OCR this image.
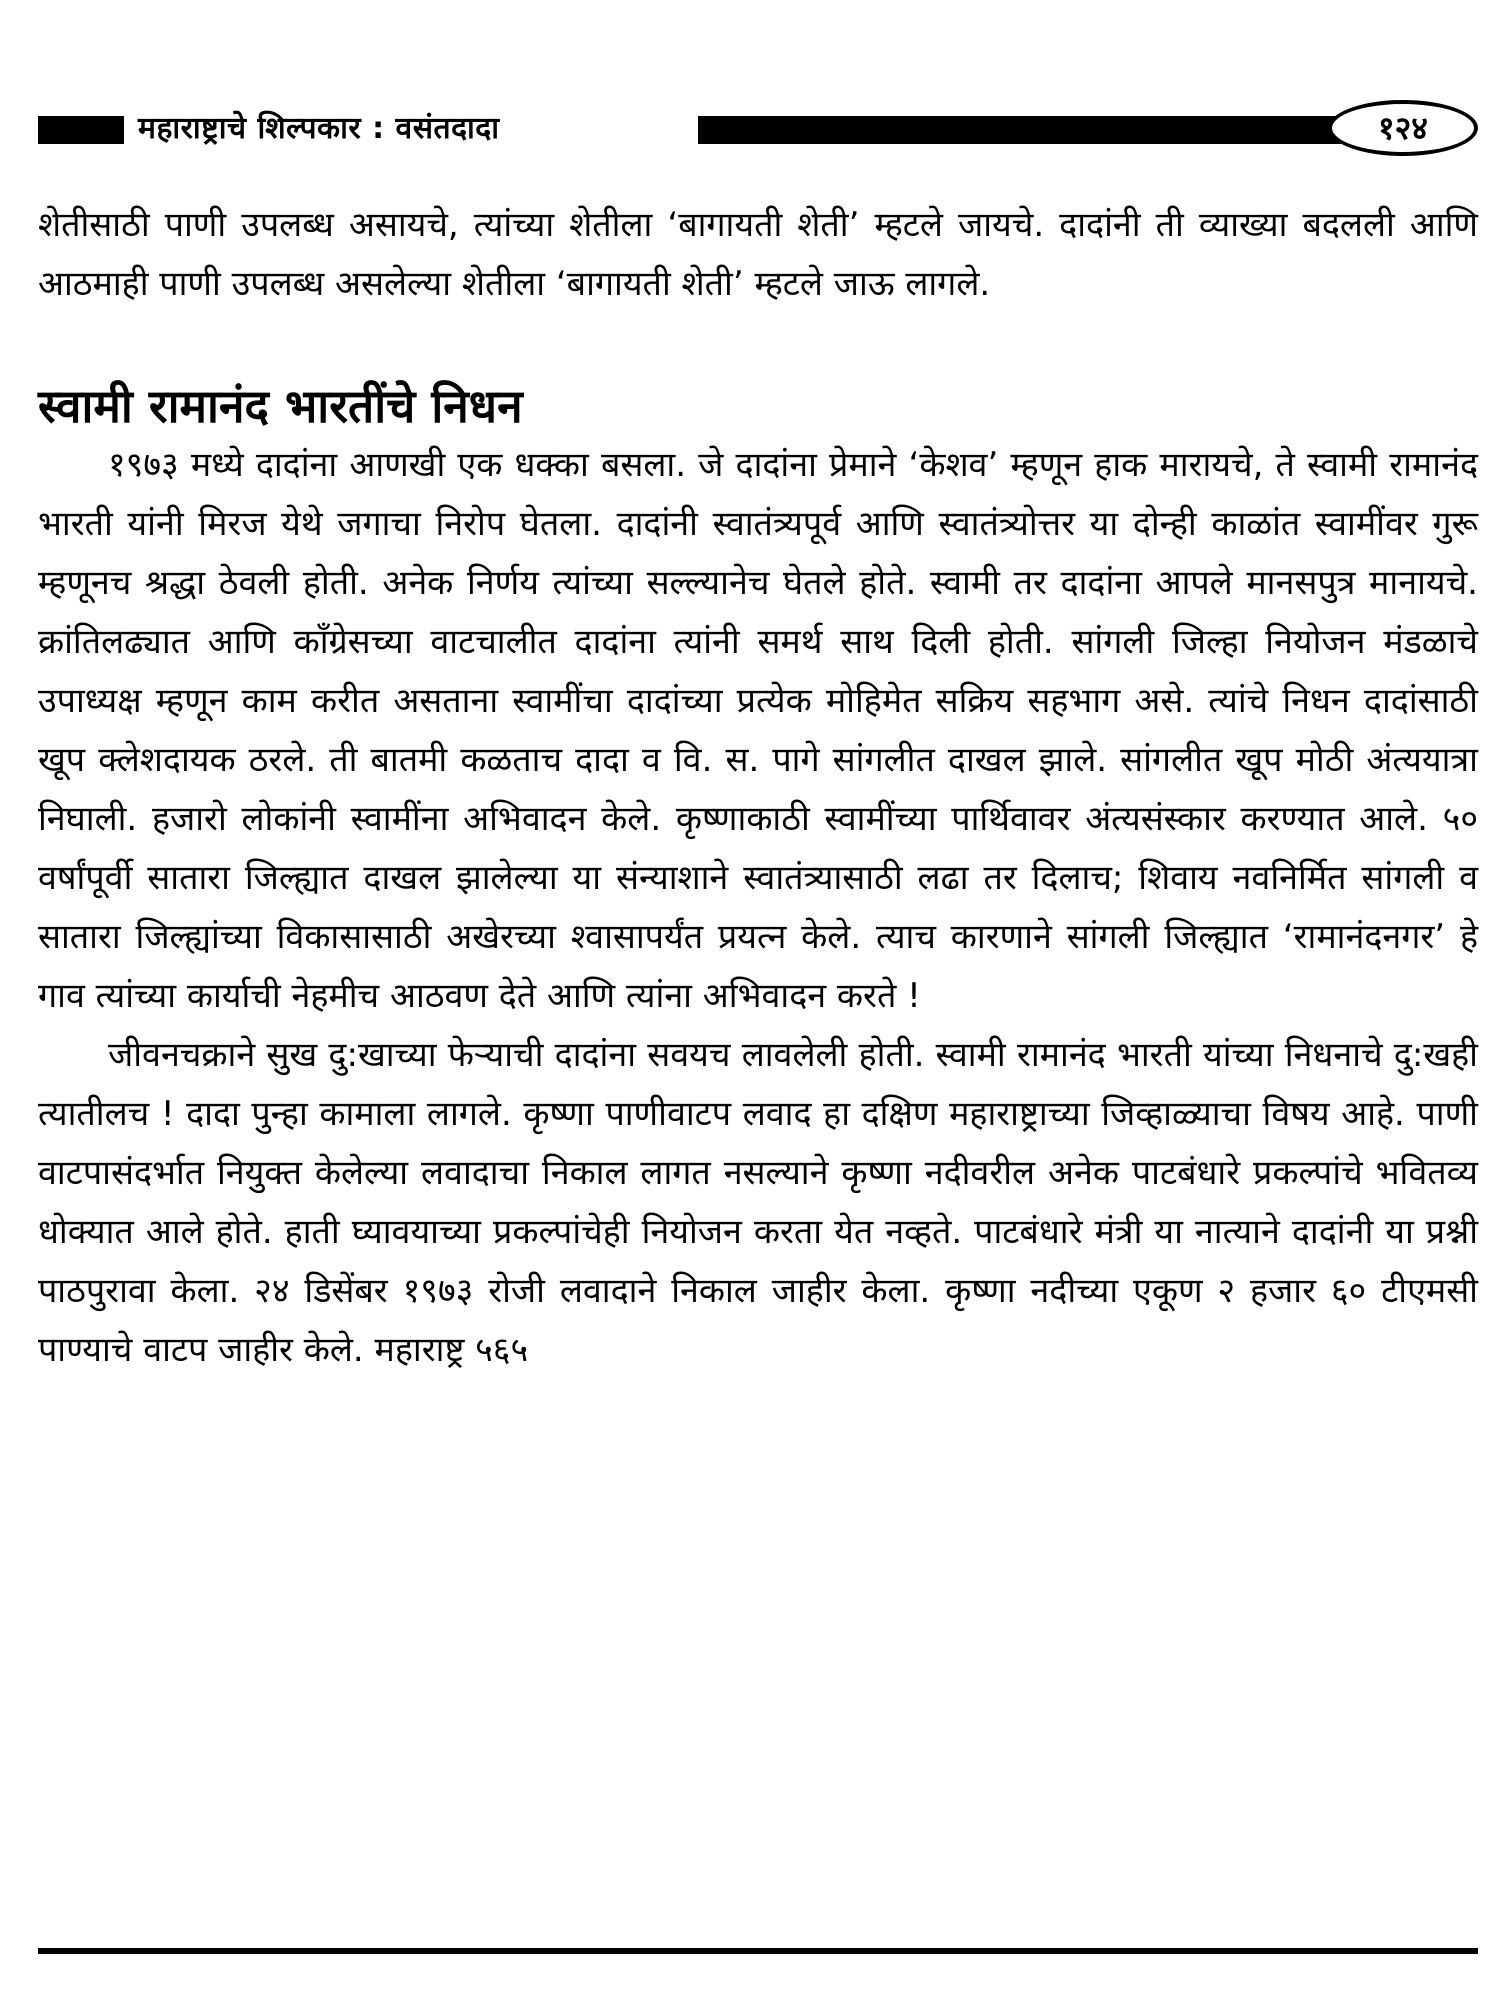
महाराष्ट्राचे शिल्पकार : वसंतदादा	१२४

शेतीसाठी पाणी उपलब्ध असायचे, त्यांच्या शेतीला ‘बागायती शेती’ म्हटले जायचे. दादांनी ती व्याख्या बदलली आणि आठमाही पाणी उपलब्ध असलेल्या शेतीला ‘बागायती शेती’ म्हटले जाऊ लागले.

स्वामी रामानंद भारतींचे निधन

१९७३ मध्ये दादांना आणखी एक धक्का बसला. जे दादांना प्रेमाने ‘केशव’ म्हणून हाक मारायचे, ते स्वामी रामानंद भारती यांनी मिरज येथे जगाचा निरोप घेतला. दादांनी स्वातंत्र्यपूर्व आणि स्वातंत्र्योत्तर या दोन्ही काळांत स्वामींवर गुरू म्हणूनच श्रद्धा ठेवली होती. अनेक निर्णय त्यांच्या सल्ल्यानेच घेतले होते. स्वामी तर दादांना आपले मानसपुत्र मानायचे. क्रांतिलढ्यात आणि काँग्रेसच्या वाटचालीत दादांना त्यांनी समर्थ साथ दिली होती. सांगली जिल्हा नियोजन मंडळाचे उपाध्यक्ष म्हणून काम करीत असताना स्वामींचा दादांच्या प्रत्येक मोहिमेत सक्रिय सहभाग असे. त्यांचे निधन दादांसाठी खूप क्लेशदायक ठरले. ती बातमी कळताच दादा व वि. स. पागे सांगलीत दाखल झाले. सांगलीत खूप मोठी अंत्ययात्रा निघाली. हजारो लोकांनी स्वामींना अभिवादन केले. कृष्णाकाठी स्वामींच्या पार्थिवावर अंत्यसंस्कार करण्यात आले. ५० वर्षांपूर्वी सातारा जिल्ह्यात दाखल झालेल्या या संन्याशाने स्वातंत्र्यासाठी लढा तर दिलाच; शिवाय नवनिर्मित सांगली व सातारा जिल्ह्यांच्या विकासासाठी अखेरच्या श्वासापर्यंत प्रयत्न केले. त्याच कारणाने सांगली जिल्ह्यात ‘रामानंदनगर’ हे गाव त्यांच्या कार्याची नेहमीच आठवण देते आणि त्यांना अभिवादन करते !

जीवनचक्राने सुख दु:खाच्या फेऱ्याची दादांना सवयच लावलेली होती. स्वामी रामानंद भारती यांच्या निधनाचे दु:खही त्यातीलच ! दादा पुन्हा कामाला लागले. कृष्णा पाणीवाटप लवाद हा दक्षिण महाराष्ट्राच्या जिव्हाळ्याचा विषय आहे. पाणी वाटपासंदर्भात नियुक्त केलेल्या लवादाचा निकाल लागत नसल्याने कृष्णा नदीवरील अनेक पाटबंधारे प्रकल्पांचे भवितव्य धोक्यात आले होते. हाती घ्यावयाच्या प्रकल्पांचेही नियोजन करता येत नव्हते. पाटबंधारे मंत्री या नात्याने दादांनी या प्रश्नी पाठपुरावा केला. २४ डिसेंबर १९७३ रोजी लवादाने निकाल जाहीर केला. कृष्णा नदीच्या एकूण २ हजार ६० टीएमसी पाण्याचे वाटप जाहीर केले. महाराष्ट्र ५६५
